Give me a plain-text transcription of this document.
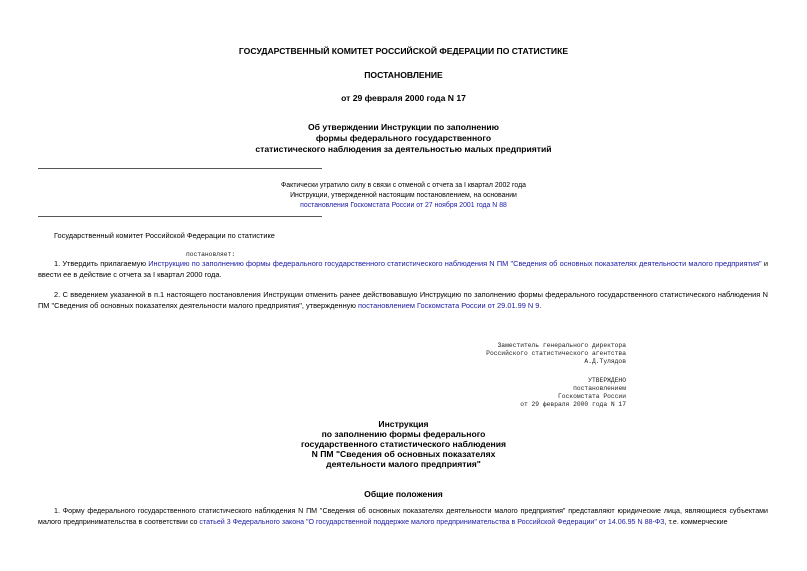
ГОСУДАРСТВЕННЫЙ КОМИТЕТ РОССИЙСКОЙ ФЕДЕРАЦИИ ПО СТАТИСТИКЕ
ПОСТАНОВЛЕНИЕ
от 29 февраля 2000 года N 17
Об утверждении Инструкции по заполнению
формы федерального государственного
статистического наблюдения за деятельностью малых предприятий
Фактически утратило силу в связи с отменой с отчета за I квартал 2002 года
Инструкции, утвержденной настоящим постановлением, на основании
постановления Госкомстата России от 27 ноября 2001 года N 88
Государственный комитет Российской Федерации по статистике
постановляет:
1. Утвердить прилагаемую Инструкцию по заполнению формы федерального государственного статистического наблюдения N ПМ "Сведения об основных показателях деятельности малого предприятия" и ввести ее в действие с отчета за I квартал 2000 года.
2. С введением указанной в п.1 настоящего постановления Инструкции отменить ранее действовавшую Инструкцию по заполнению формы федерального государственного статистического наблюдения N ПМ "Сведения об основных показателях деятельности малого предприятия", утвержденную постановлением Госкомстата России от 29.01.99 N 9.
Заместитель генерального директора
Российского статистического агентства
А.Д.Тулядов
УТВЕРЖДЕНО
постановлением
Госкомстата России
от 29 февраля 2000 года N 17
Инструкция
по заполнению формы федерального
государственного статистического наблюдения
N ПМ "Сведения об основных показателях
деятельности малого предприятия"
Общие положения
1. Форму федерального государственного статистического наблюдения N ПМ "Сведения об основных показателях деятельности малого предприятия" представляют юридические лица, являющиеся субъектами малого предпринимательства в соответствии со статьей 3 Федерального закона "О государственной поддержке малого предпринимательства в Российской Федерации" от 14.06.95 N 88-ФЗ, т.е. коммерческие
